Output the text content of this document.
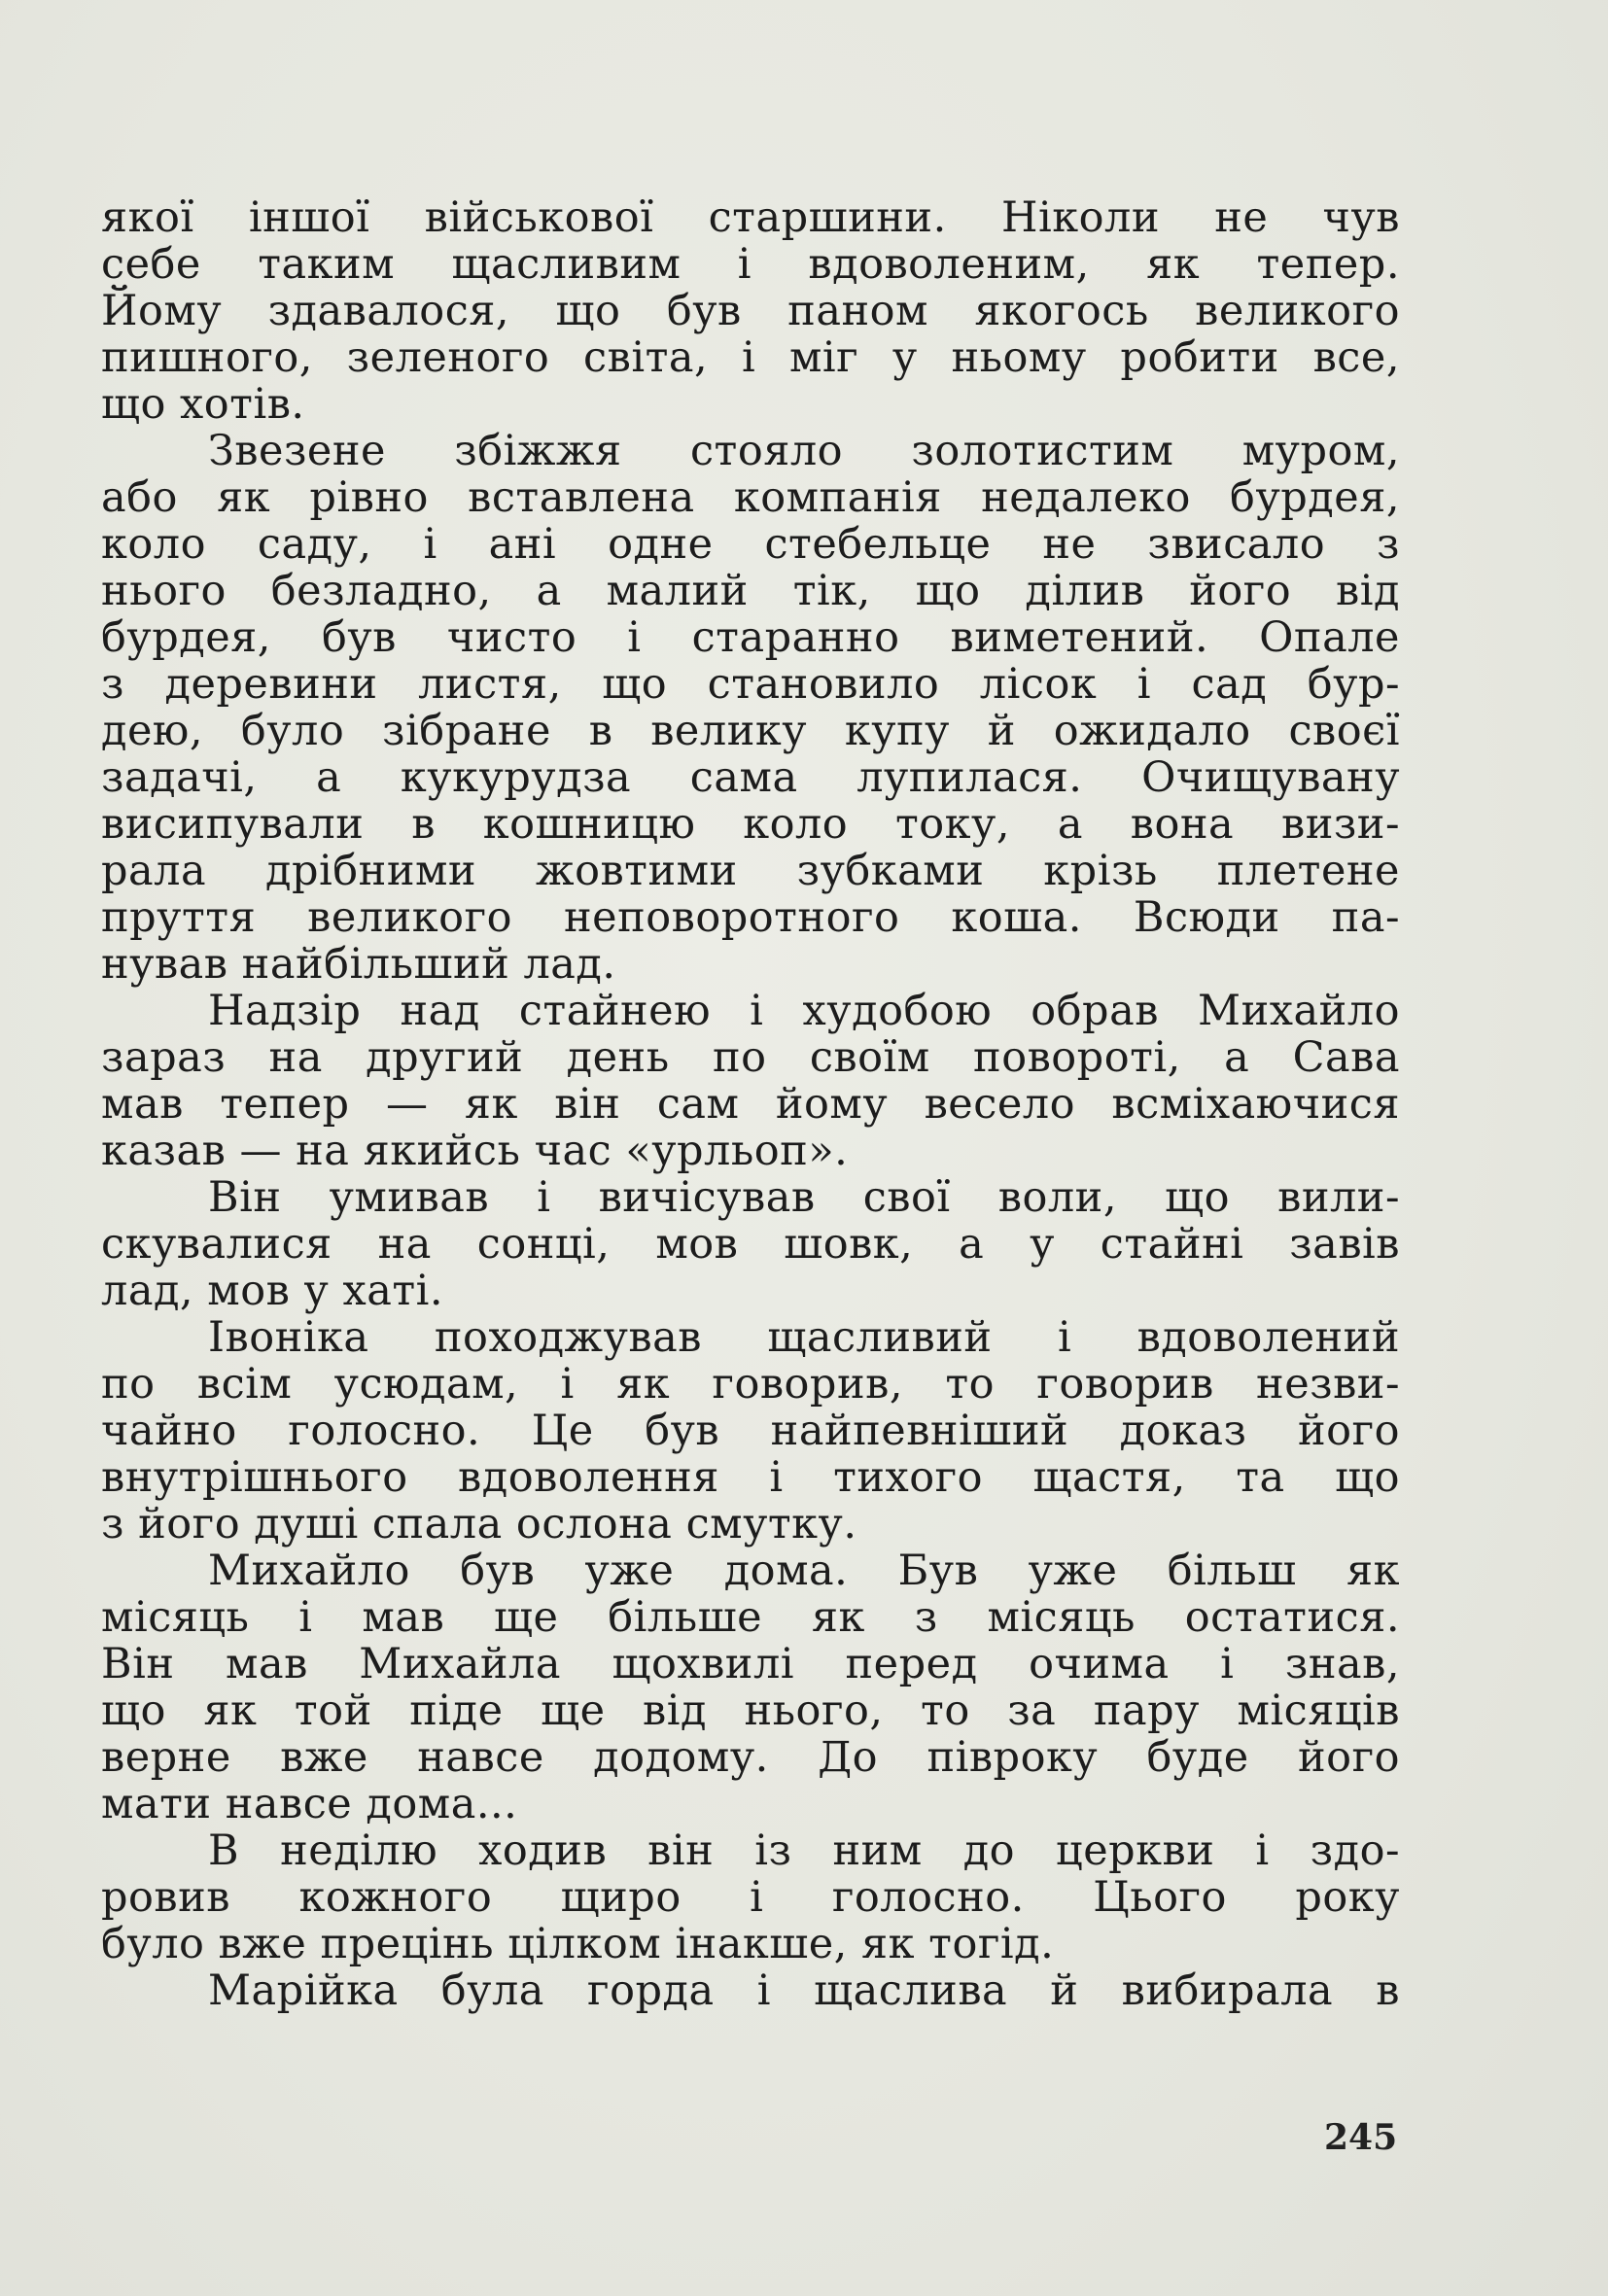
якої іншої військової старшини. Ніколи не чув
себе таким щасливим і вдоволеним, як тепер.
Йому здавалося, що був паном якогось великого
пишного, зеленого світа, і міг у ньому робити все,
що хотів.
Звезене збіжжя стояло золотистим муром,
або як рівно вставлена компанія недалеко бурдея,
коло саду, і ані одне стебельце не звисало з
нього безладно, а малий тік, що ділив його від
бурдея, був чисто і старанно виметений. Опале
з деревини листя, що становило лісок і сад бур-
дею, було зібране в велику купу й ожидало своєї
задачі, а кукурудза сама лупилася. Очищувану
висипували в кошницю коло току, а вона визи-
рала дрібними жовтими зубками крізь плетене
пруття великого неповоротного коша. Всюди па-
нував найбільший лад.
Надзір над стайнею і худобою обрав Михайло
зараз на другий день по своїм повороті, а Сава
мав тепер — як він сам йому весело всміхаючися
казав — на якийсь час «урльоп».
Він умивав і вичісував свої воли, що вили-
скувалися на сонці, мов шовк, а у стайні завів
лад, мов у хаті.
Івоніка походжував щасливий і вдоволений
по всім усюдам, і як говорив, то говорив незви-
чайно голосно. Це був найпевніший доказ його
внутрішнього вдоволення і тихого щастя, та що
з його душі спала ослона смутку.
Михайло був уже дома. Був уже більш як
місяць і мав ще більше як з місяць остатися.
Він мав Михайла щохвилі перед очима і знав,
що як той піде ще від нього, то за пару місяців
верне вже навсе додому. До півроку буде його
мати навсе дома...
В неділю ходив він із ним до церкви і здо-
ровив кожного щиро і голосно. Цього року
було вже прецінь цілком інакше, як тогід.
Марійка була горда і щаслива й вибирала в
245
